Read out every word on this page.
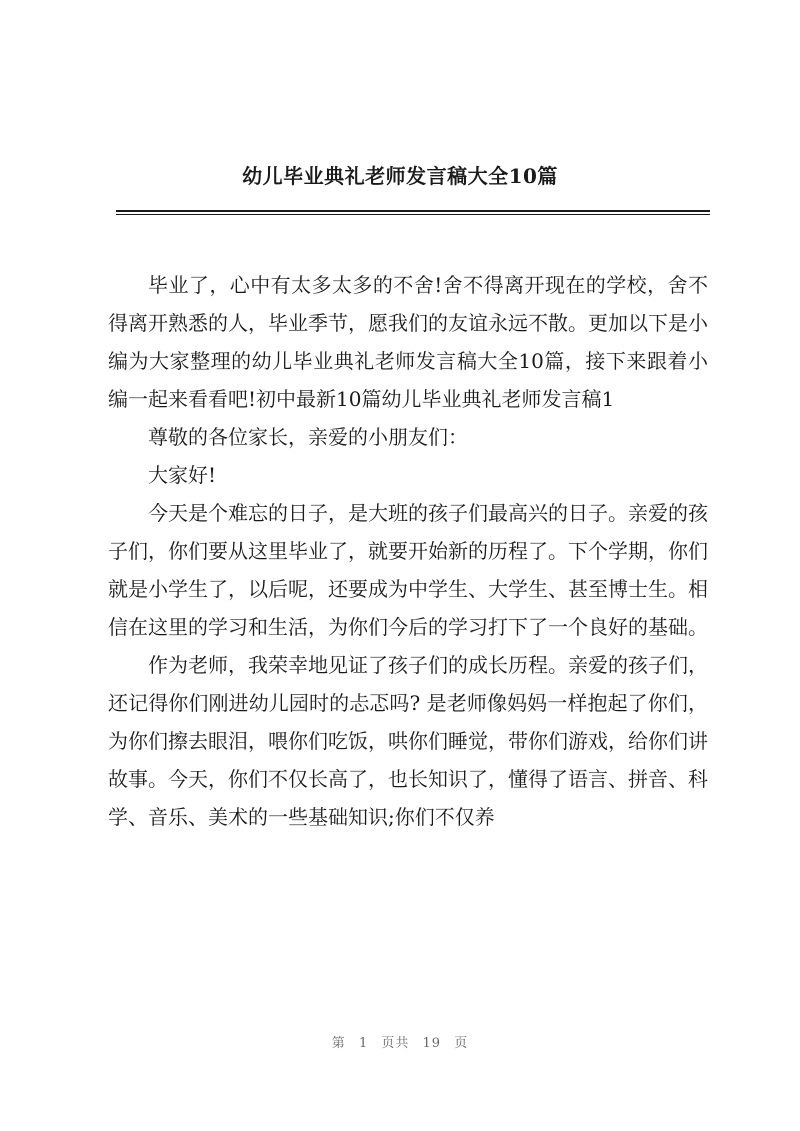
幼儿毕业典礼老师发言稿大全10篇

毕业了，心中有太多太多的不舍!舍不得离开现在的学校，舍不得离开熟悉的人，毕业季节，愿我们的友谊永远不散。更加以下是小编为大家整理的幼儿毕业典礼老师发言稿大全10篇，接下来跟着小编一起来看看吧!初中最新10篇幼儿毕业典礼老师发言稿1

尊敬的各位家长，亲爱的小朋友们：

大家好!

今天是个难忘的日子，是大班的孩子们最高兴的日子。亲爱的孩子们，你们要从这里毕业了，就要开始新的历程了。下个学期，你们就是小学生了，以后呢，还要成为中学生、大学生、甚至博士生。相信在这里的学习和生活，为你们今后的学习打下了一个良好的基础。

作为老师，我荣幸地见证了孩子们的成长历程。亲爱的孩子们，还记得你们刚进幼儿园时的忐忑吗? 是老师像妈妈一样抱起了你们，为你们擦去眼泪，喂你们吃饭，哄你们睡觉，带你们游戏，给你们讲故事。今天，你们不仅长高了，也长知识了，懂得了语言、拼音、科学、音乐、美术的一些基础知识;你们不仅养

第 1 页共 19 页
